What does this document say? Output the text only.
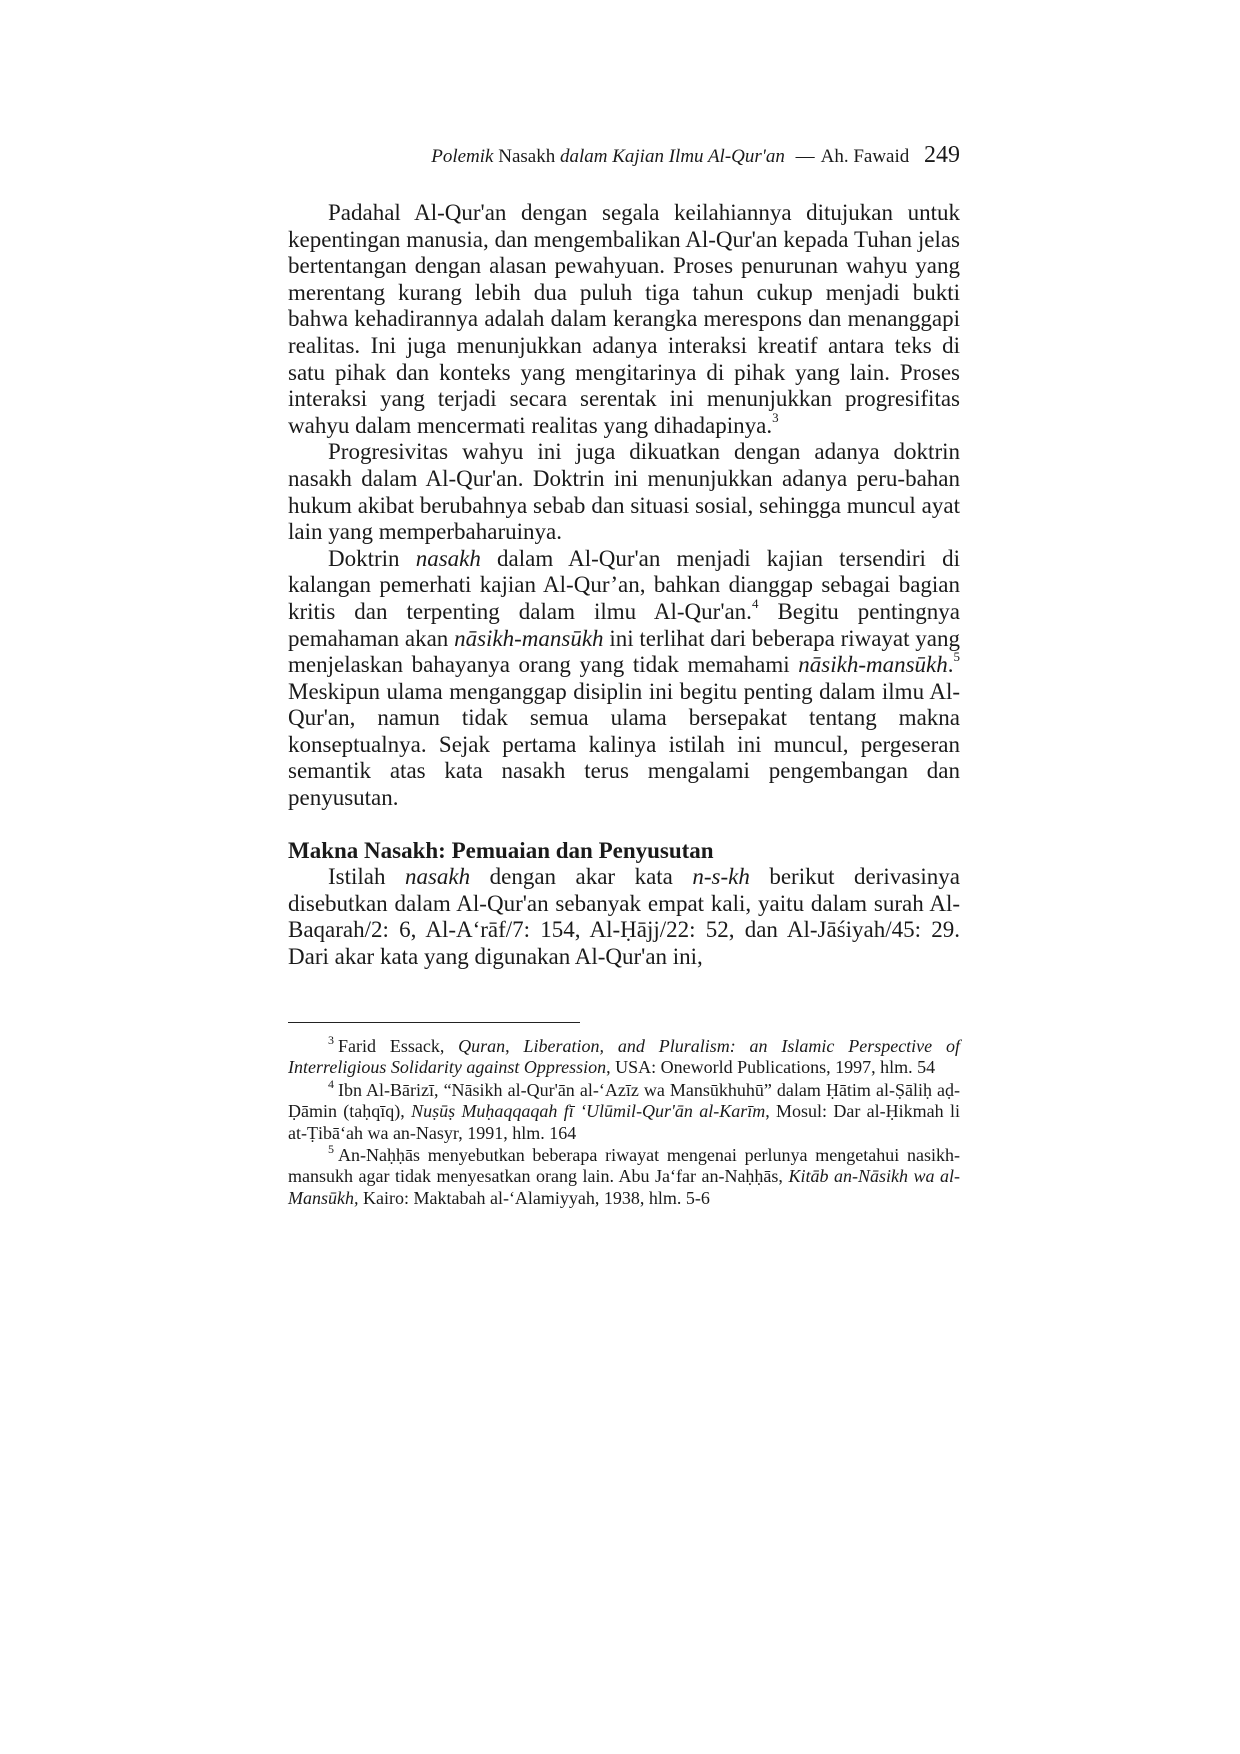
Polemik Nasakh dalam Kajian Ilmu Al-Qur'an — Ah. Fawaid 249

Padahal Al-Qur'an dengan segala keilahiannya ditujukan untuk kepentingan manusia, dan mengembalikan Al-Qur'an kepada Tuhan jelas bertentangan dengan alasan pewahyuan. Proses penurunan wahyu yang merentang kurang lebih dua puluh tiga tahun cukup menjadi bukti bahwa kehadirannya adalah dalam kerangka merespons dan menanggapi realitas. Ini juga menunjukkan adanya interaksi kreatif antara teks di satu pihak dan konteks yang mengitarinya di pihak yang lain. Proses interaksi yang terjadi secara serentak ini menunjukkan progresifitas wahyu dalam mencermati realitas yang dihadapinya.$^3$

Progresivitas wahyu ini juga dikuatkan dengan adanya doktrin nasakh dalam Al-Qur'an. Doktrin ini menunjukkan adanya peru-bahan hukum akibat berubahnya sebab dan situasi sosial, sehingga muncul ayat lain yang memperbaharuinya.

Doktrin nasakh dalam Al-Qur'an menjadi kajian tersendiri di kalangan pemerhati kajian Al-Qur’an, bahkan dianggap sebagai bagian kritis dan terpenting dalam ilmu Al-Qur'an.$^4$ Begitu pentingnya pemahaman akan nāsikh-mansūkh ini terlihat dari beberapa riwayat yang menjelaskan bahayanya orang yang tidak memahami nāsikh-mansūkh.$^5$ Meskipun ulama menganggap disiplin ini begitu penting dalam ilmu Al-Qur'an, namun tidak semua ulama bersepakat tentang makna konseptualnya. Sejak pertama kalinya istilah ini muncul, pergeseran semantik atas kata nasakh terus mengalami pengembangan dan penyusutan.

Makna Nasakh: Pemuaian dan Penyusutan

Istilah nasakh dengan akar kata n-s-kh berikut derivasinya disebutkan dalam Al-Qur'an sebanyak empat kali, yaitu dalam surah Al-Baqarah/2: 6, Al-A‘rāf/7: 154, Al-Ḥājj/22: 52, dan Al-Jāśiyah/45: 29. Dari akar kata yang digunakan Al-Qur'an ini,

$^3$ Farid Essack, Quran, Liberation, and Pluralism: an Islamic Perspective of Interreligious Solidarity against Oppression, USA: Oneworld Publications, 1997, hlm. 54

$^4$ Ibn Al-Bārizī, “Nāsikh al-Qur'ān al-‘Azīz wa Mansūkhuhū” dalam Ḥātim al-Ṣāliḥ aḍ-Ḍāmin (taḥqīq), Nuṣūṣ Muḥaqqaqah fī ‘Ulūmil-Qur'ān al-Karīm, Mosul: Dar al-Ḥikmah li at-Ṭibā‘ah wa an-Nasyr, 1991, hlm. 164

$^5$ An-Naḥḥās menyebutkan beberapa riwayat mengenai perlunya mengetahui nasikh-mansukh agar tidak menyesatkan orang lain. Abu Ja‘far an-Naḥḥās, Kitāb an-Nāsikh wa al-Mansūkh, Kairo: Maktabah al-‘Alamiyyah, 1938, hlm. 5-6
